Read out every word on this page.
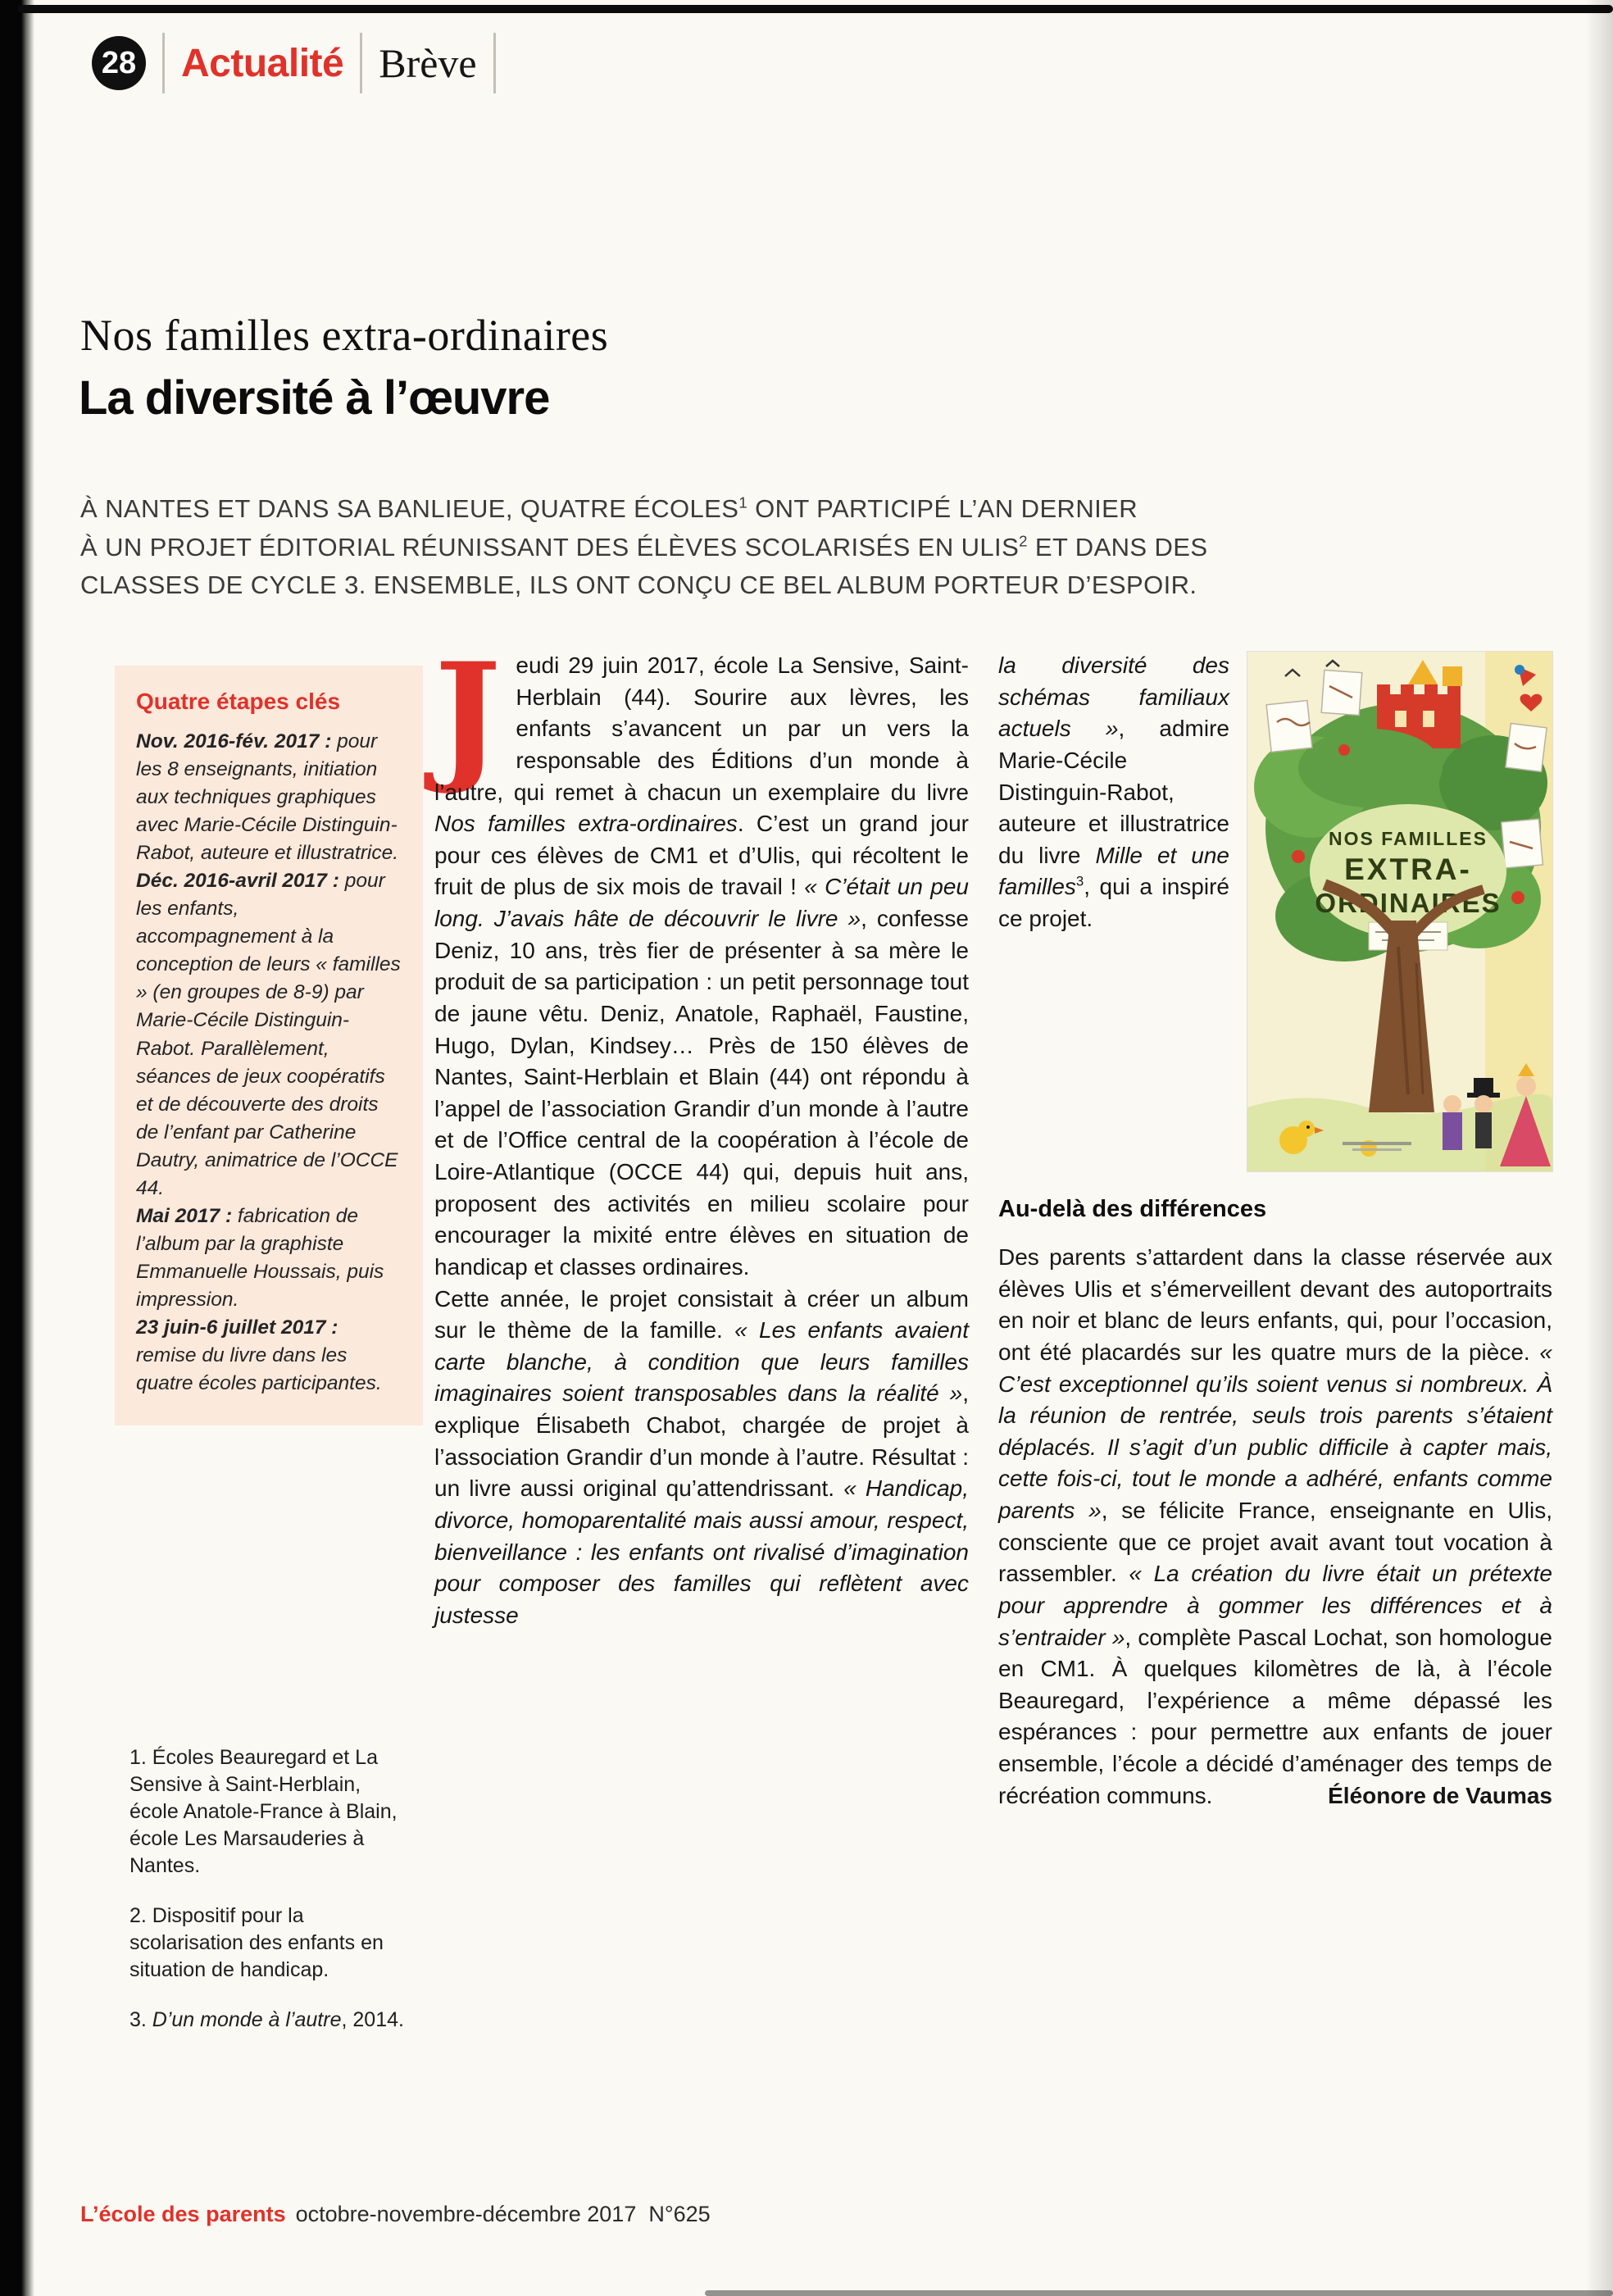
28 Actualité Brève
Nos familles extra-ordinaires
La diversité à l’œuvre

À NANTES ET DANS SA BANLIEUE, QUATRE ÉCOLES$^1$ ONT PARTICIPÉ L’AN DERNIER
À UN PROJET ÉDITORIAL RÉUNISSANT DES ÉLÈVES SCOLARISÉS EN ULIS$^2$ ET DANS DES
CLASSES DE CYCLE 3. ENSEMBLE, ILS ONT CONÇU CE BEL ALBUM PORTEUR D’ESPOIR.

Quatre étapes clés

Nov. 2016-fév. 2017 : pour les 8 enseignants, initiation aux techniques graphiques avec Marie-Cécile Distinguin-Rabot, auteure et illustratrice.

Déc. 2016-avril 2017 : pour les enfants, accompagnement à la conception de leurs « familles » (en groupes de 8-9) par Marie-Cécile Distinguin-Rabot. Parallèlement, séances de jeux coopératifs et de découverte des droits de l’enfant par Catherine Dautry, animatrice de l’OCCE 44.

Mai 2017 : fabrication de l’album par la graphiste Emmanuelle Houssais, puis impression.

23 juin-6 juillet 2017 : remise du livre dans les quatre écoles participantes.

1. Écoles Beauregard et La Sensive à Saint-Herblain, école Anatole-France à Blain, école Les Marsauderies à Nantes.

2. Dispositif pour la scolarisation des enfants en situation de handicap.

3. D’un monde à l’autre, 2014.

Jeudi 29 juin 2017, école La Sensive, Saint-Herblain (44). Sourire aux lèvres, les enfants s’avancent un par un vers la responsable des Éditions d’un monde à l’autre, qui remet à chacun un exemplaire du livre Nos familles extra-ordinaires. C’est un grand jour pour ces élèves de CM1 et d’Ulis, qui récoltent le fruit de plus de six mois de travail ! « C’était un peu long. J’avais hâte de découvrir le livre », confesse Deniz, 10 ans, très fier de présenter à sa mère le produit de sa participation : un petit personnage tout de jaune vêtu. Deniz, Anatole, Raphaël, Faustine, Hugo, Dylan, Kindsey… Près de 150 élèves de Nantes, Saint-Herblain et Blain (44) ont répondu à l’appel de l’association Grandir d’un monde à l’autre et de l’Office central de la coopération à l’école de Loire-Atlantique (OCCE 44) qui, depuis huit ans, proposent des activités en milieu scolaire pour encourager la mixité entre élèves en situation de handicap et classes ordinaires.

Cette année, le projet consistait à créer un album sur le thème de la famille. « Les enfants avaient carte blanche, à condition que leurs familles imaginaires soient transposables dans la réalité », explique Élisabeth Chabot, chargée de projet à l’association Grandir d’un monde à l’autre. Résultat : un livre aussi original qu’attendrissant. « Handicap, divorce, homoparentalité mais aussi amour, respect, bienveillance : les enfants ont rivalisé d’imagination pour composer des familles qui reflètent avec justesse

NOS FAMILLES
EXTRA-
ORDINAIRES

la diversité des schémas familiaux actuels », admire Marie-Cécile Distinguin-Rabot, auteure et illustratrice du livre Mille et une familles$^3$, qui a inspiré ce projet.

Au-delà des différences

Des parents s’attardent dans la classe réservée aux élèves Ulis et s’émerveillent devant des autoportraits en noir et blanc de leurs enfants, qui, pour l’occasion, ont été placardés sur les quatre murs de la pièce. « C’est exceptionnel qu’ils soient venus si nombreux. À la réunion de rentrée, seuls trois parents s’étaient déplacés. Il s’agit d’un public difficile à capter mais, cette fois-ci, tout le monde a adhéré, enfants comme parents », se félicite France, enseignante en Ulis, consciente que ce projet avait avant tout vocation à rassembler. « La création du livre était un prétexte pour apprendre à gommer les différences et à s’entraider », complète Pascal Lochat, son homologue en CM1. À quelques kilomètres de là, à l’école Beauregard, l’expérience a même dépassé les espérances : pour permettre aux enfants de jouer ensemble, l’école a décidé d’aménager des temps de récréation communs.	Éléonore de Vaumas
L’école des parents octobre-novembre-décembre 2017  N°625
